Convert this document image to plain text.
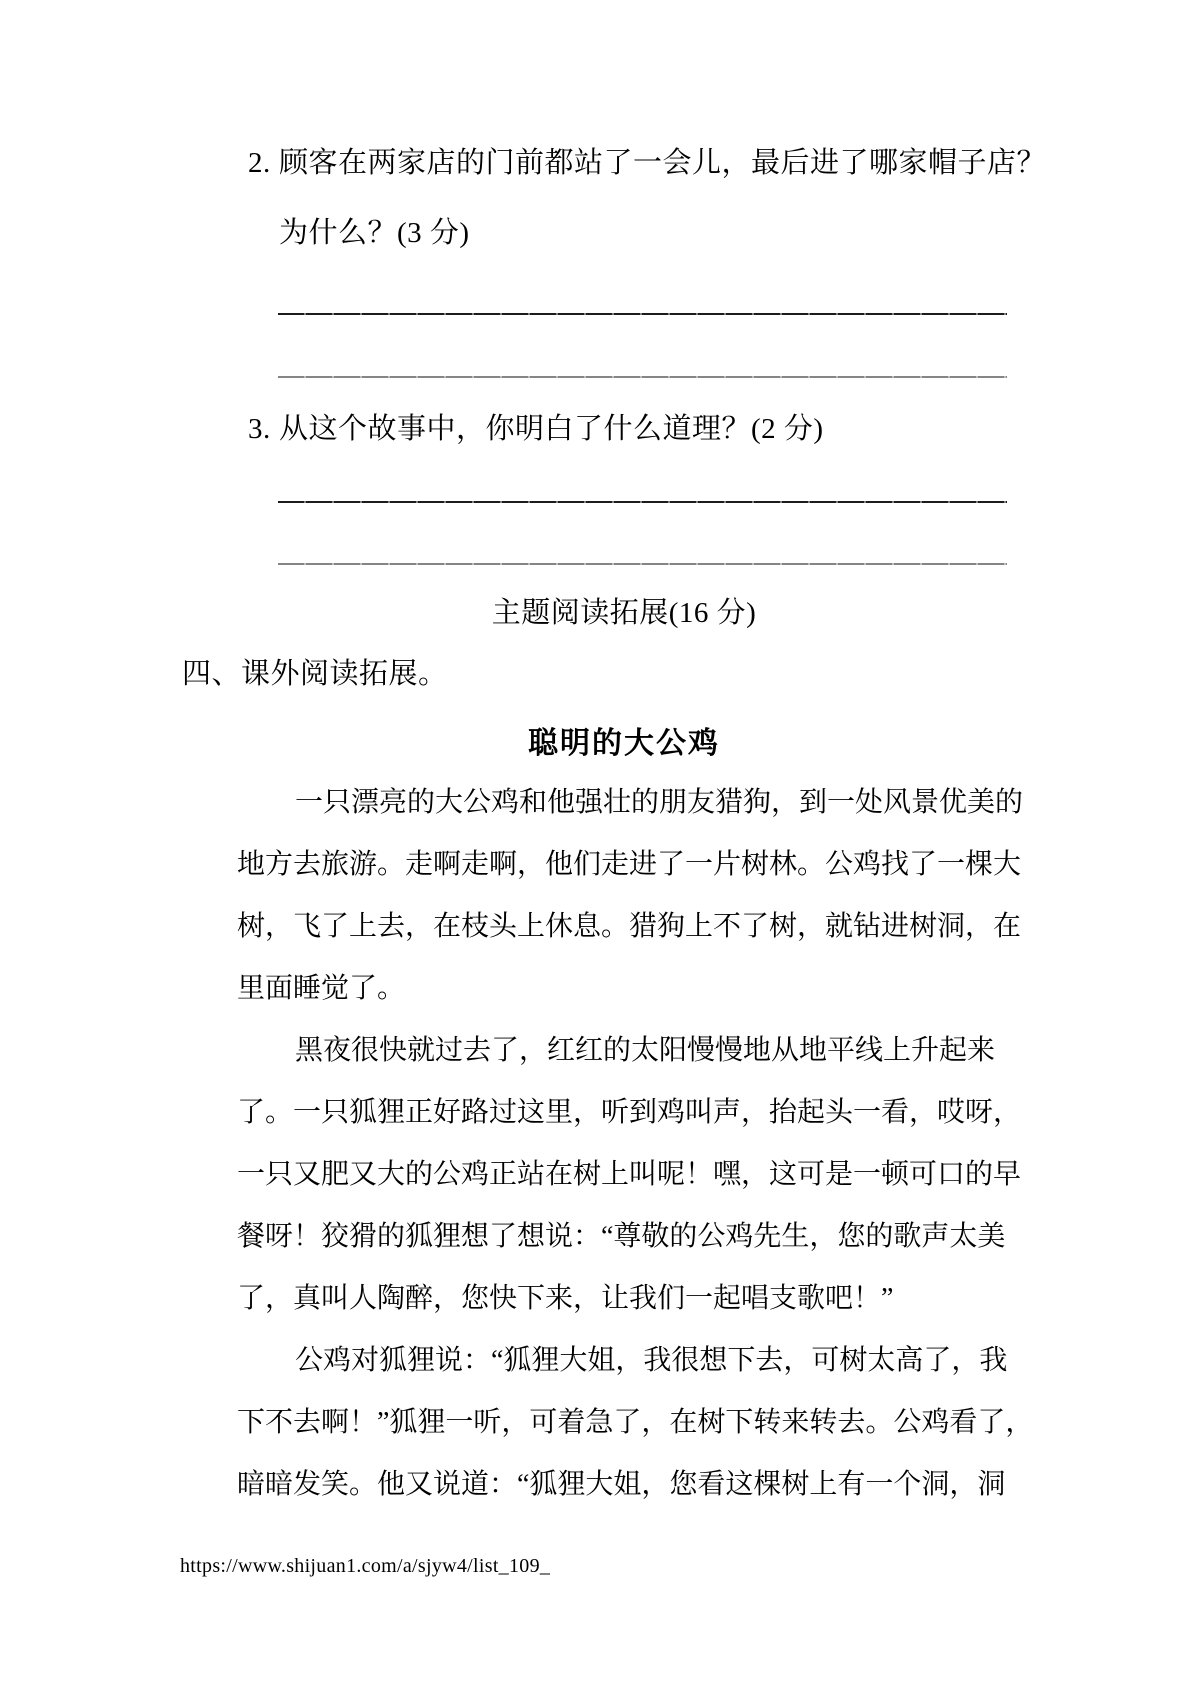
2. 顾客在两家店的门前都站了一会儿，最后进了哪家帽子店？
为什么？(3 分)
3. 从这个故事中，你明白了什么道理？(2 分)
主题阅读拓展(16 分)
四、课外阅读拓展。
聪明的大公鸡
一只漂亮的大公鸡和他强壮的朋友猎狗，到一处风景优美的
地方去旅游。走啊走啊，他们走进了一片树林。公鸡找了一棵大
树，飞了上去，在枝头上休息。猎狗上不了树，就钻进树洞，在
里面睡觉了。
黑夜很快就过去了，红红的太阳慢慢地从地平线上升起来
了。一只狐狸正好路过这里，听到鸡叫声，抬起头一看，哎呀，
一只又肥又大的公鸡正站在树上叫呢！嘿，这可是一顿可口的早
餐呀！狡猾的狐狸想了想说：“尊敬的公鸡先生，您的歌声太美
了，真叫人陶醉，您快下来，让我们一起唱支歌吧！”
公鸡对狐狸说：“狐狸大姐，我很想下去，可树太高了，我
下不去啊！”狐狸一听，可着急了，在树下转来转去。公鸡看了，
暗暗发笑。他又说道：“狐狸大姐，您看这棵树上有一个洞，洞
https://www.shijuan1.com/a/sjyw4/list_109_
